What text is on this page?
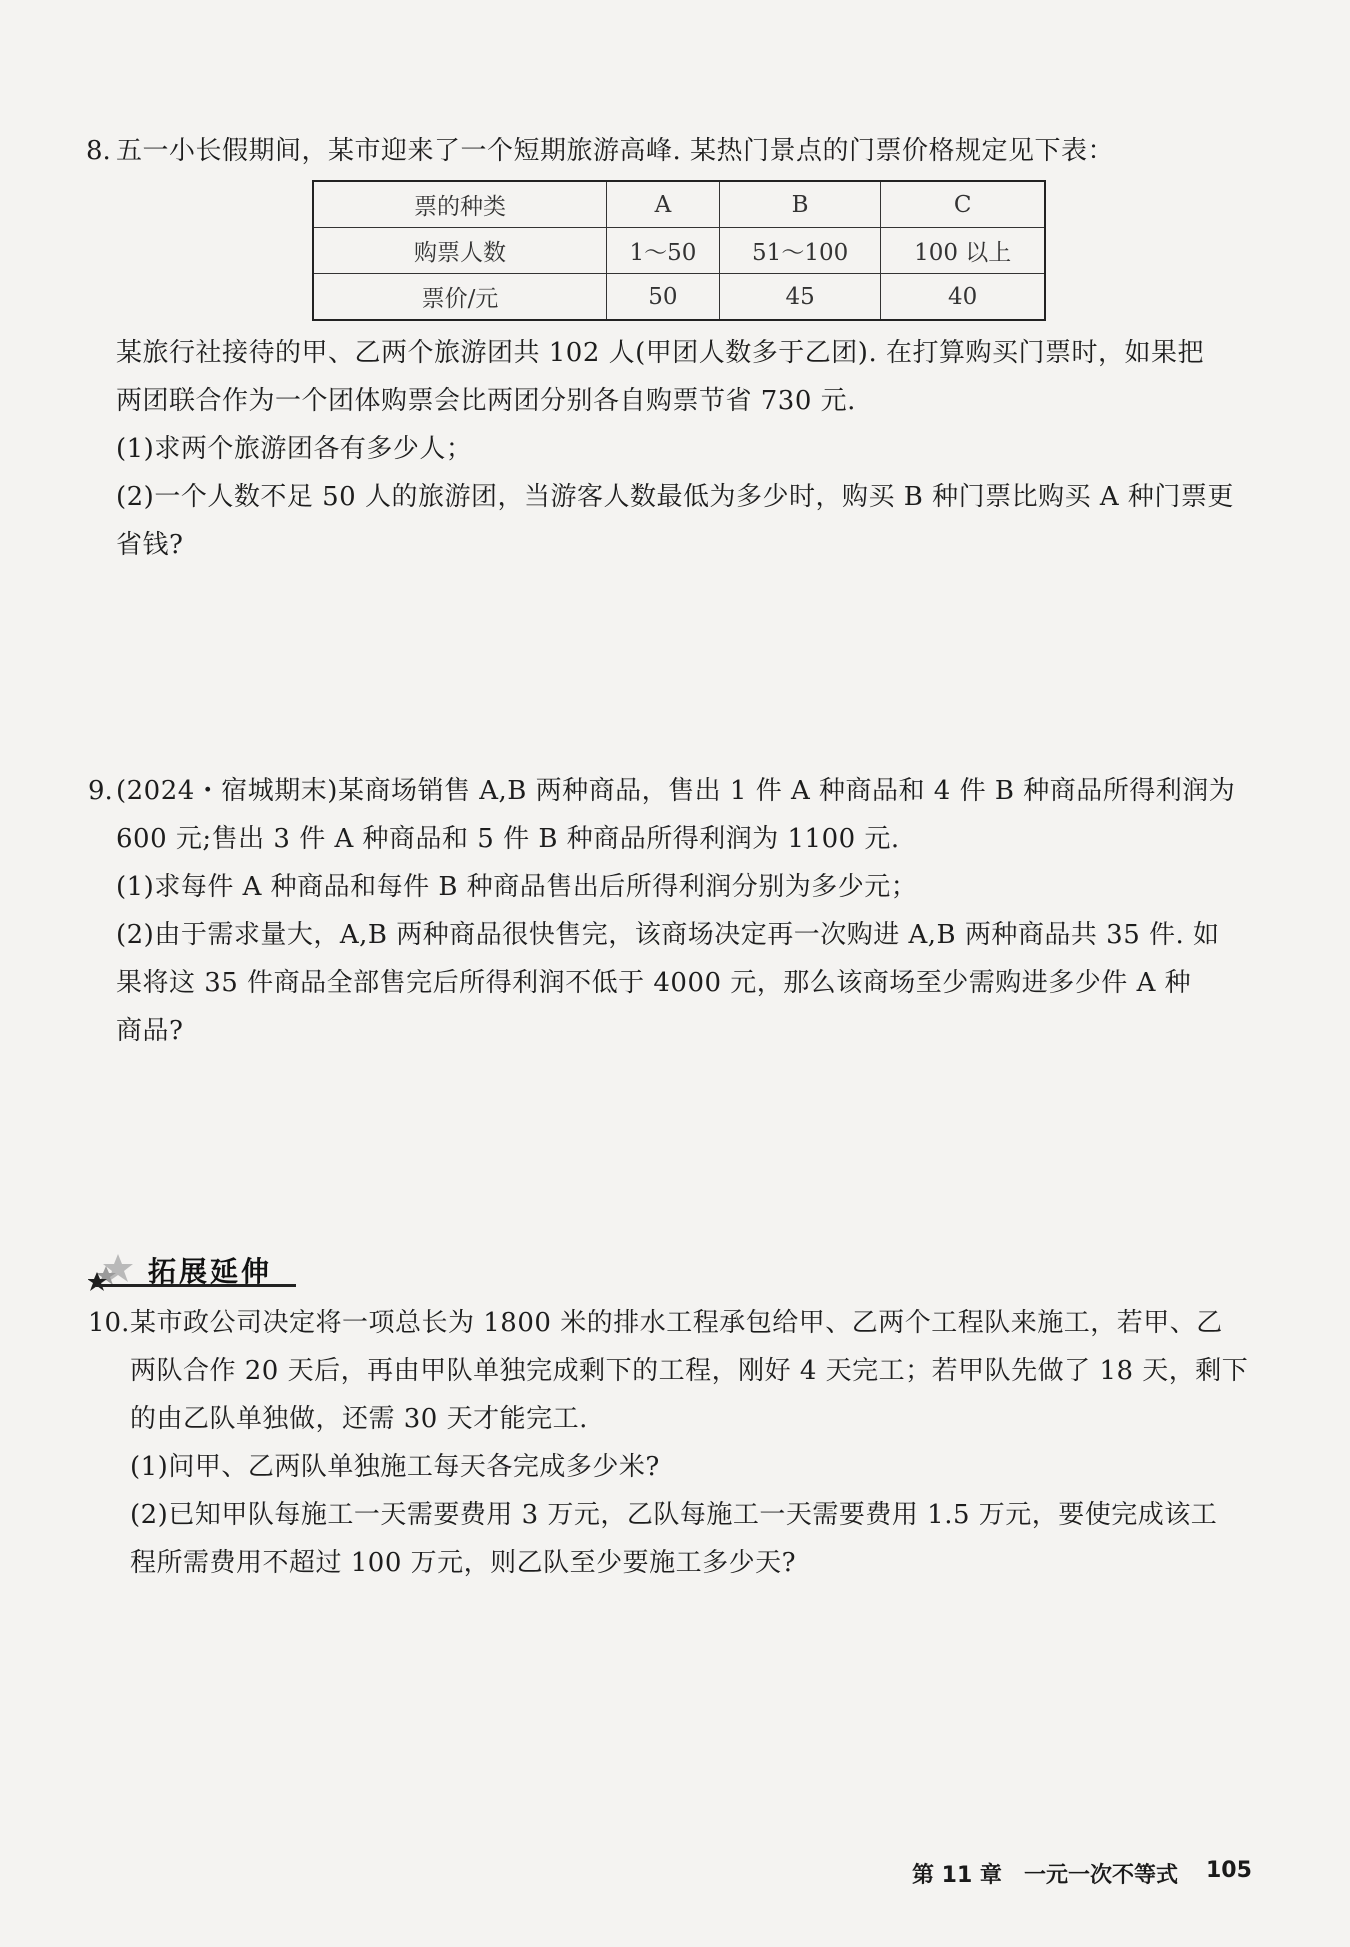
8. 五一小长假期间，某市迎来了一个短期旅游高峰. 某热门景点的门票价格规定见下表：
票的种类	A	B	C
购票人数	1～50	51～100	100 以上
票价/元	50	45	40
某旅行社接待的甲、乙两个旅游团共 102 人(甲团人数多于乙团). 在打算购买门票时，如果把
两团联合作为一个团体购票会比两团分别各自购票节省 730 元.
(1)求两个旅游团各有多少人；
(2)一个人数不足 50 人的旅游团，当游客人数最低为多少时，购买 B 种门票比购买 A 种门票更
省钱?
9. (2024・宿城期末)某商场销售 A,B 两种商品，售出 1 件 A 种商品和 4 件 B 种商品所得利润为
600 元;售出 3 件 A 种商品和 5 件 B 种商品所得利润为 1100 元.
(1)求每件 A 种商品和每件 B 种商品售出后所得利润分别为多少元；
(2)由于需求量大，A,B 两种商品很快售完，该商场决定再一次购进 A,B 两种商品共 35 件. 如
果将这 35 件商品全部售完后所得利润不低于 4000 元，那么该商场至少需购进多少件 A 种
商品?
拓展延伸
10. 某市政公司决定将一项总长为 1800 米的排水工程承包给甲、乙两个工程队来施工，若甲、乙
两队合作 20 天后，再由甲队单独完成剩下的工程，刚好 4 天完工；若甲队先做了 18 天，剩下
的由乙队单独做，还需 30 天才能完工.
(1)问甲、乙两队单独施工每天各完成多少米?
(2)已知甲队每施工一天需要费用 3 万元，乙队每施工一天需要费用 1.5 万元，要使完成该工
程所需费用不超过 100 万元，则乙队至少要施工多少天?
第 11 章 一元一次不等式 105
